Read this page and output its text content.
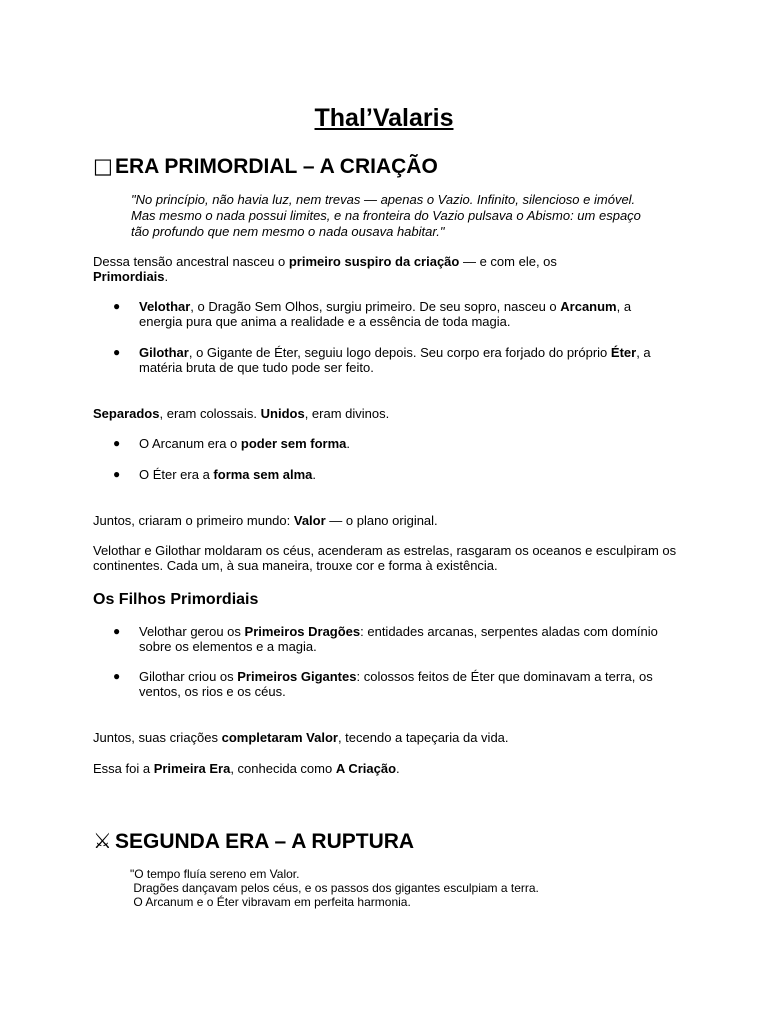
Thal’Valaris
□ ERA PRIMORDIAL – A CRIAÇÃO
"No princípio, não havia luz, nem trevas — apenas o Vazio. Infinito, silencioso e imóvel. Mas mesmo o nada possui limites, e na fronteira do Vazio pulsava o Abismo: um espaço tão profundo que nem mesmo o nada ousava habitar."
Dessa tensão ancestral nasceu o primeiro suspiro da criação — e com ele, os
Primordiais.
●	Velothar, o Dragão Sem Olhos, surgiu primeiro. De seu sopro, nasceu o Arcanum, a energia pura que anima a realidade e a essência de toda magia.
●	Gilothar, o Gigante de Éter, seguiu logo depois. Seu corpo era forjado do próprio Éter, a matéria bruta de que tudo pode ser feito.
Separados, eram colossais. Unidos, eram divinos.
●	O Arcanum era o poder sem forma.
●	O Éter era a forma sem alma.
Juntos, criaram o primeiro mundo: Valor — o plano original.
Velothar e Gilothar moldaram os céus, acenderam as estrelas, rasgaram os oceanos e esculpiram os continentes. Cada um, à sua maneira, trouxe cor e forma à existência.
Os Filhos Primordiais
●	Velothar gerou os Primeiros Dragões: entidades arcanas, serpentes aladas com domínio sobre os elementos e a magia.
●	Gilothar criou os Primeiros Gigantes: colossos feitos de Éter que dominavam a terra, os ventos, os rios e os céus.
Juntos, suas criações completaram Valor, tecendo a tapeçaria da vida.
Essa foi a Primeira Era, conhecida como A Criação.
⚔ SEGUNDA ERA – A RUPTURA
"O tempo fluía sereno em Valor.
Dragões dançavam pelos céus, e os passos dos gigantes esculpiam a terra.
O Arcanum e o Éter vibravam em perfeita harmonia.
